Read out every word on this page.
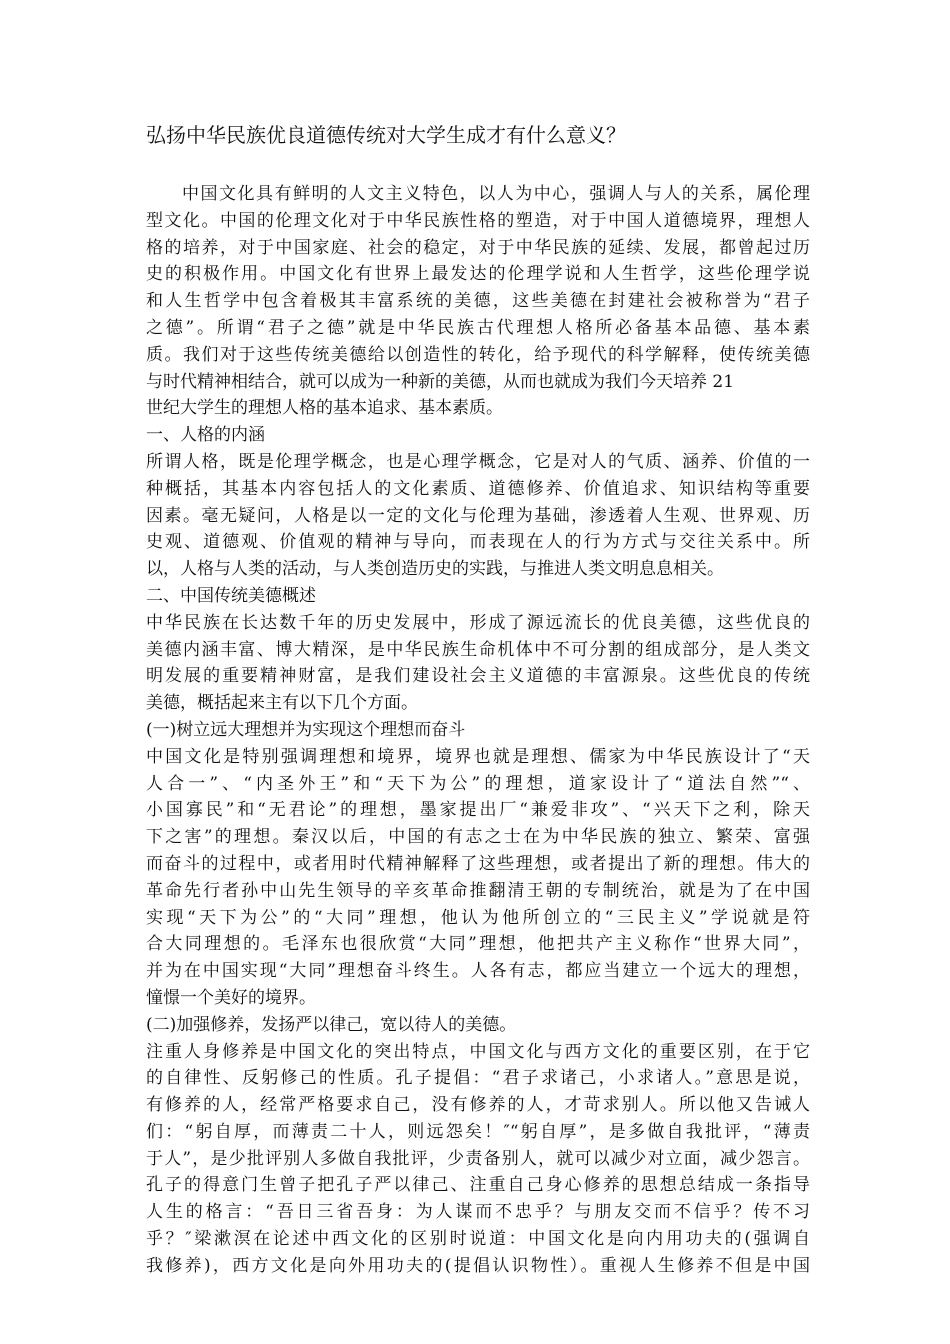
弘扬中华民族优良道德传统对大学生成才有什么意义？
中国文化具有鲜明的人文主义特色，以人为中心，强调人与人的关系，属伦理
型文化。中国的伦理文化对于中华民族性格的塑造，对于中国人道德境界，理想人
格的培养，对于中国家庭、社会的稳定，对于中华民族的延续、发展，都曾起过历
史的积极作用。中国文化有世界上最发达的伦理学说和人生哲学，这些伦理学说
和人生哲学中包含着极其丰富系统的美德，这些美德在封建社会被称誉为“君子
之德”。所谓“君子之德”就是中华民族古代理想人格所必备基本品德、基本素
质。我们对于这些传统美德给以创造性的转化，给予现代的科学解释，使传统美德
与时代精神相结合，就可以成为一种新的美德，从而也就成为我们今天培养 21
世纪大学生的理想人格的基本追求、基本素质。
一、人格的内涵
所谓人格，既是伦理学概念，也是心理学概念，它是对人的气质、涵养、价值的一
种概括，其基本内容包括人的文化素质、道德修养、价值追求、知识结构等重要
因素。毫无疑问，人格是以一定的文化与伦理为基础，渗透着人生观、世界观、历
史观、道德观、价值观的精神与导向，而表现在人的行为方式与交往关系中。所
以，人格与人类的活动，与人类创造历史的实践，与推进人类文明息息相关。
二、中国传统美德概述
中华民族在长达数千年的历史发展中，形成了源远流长的优良美德，这些优良的
美德内涵丰富、博大精深，是中华民族生命机体中不可分割的组成部分，是人类文
明发展的重要精神财富，是我们建设社会主义道德的丰富源泉。这些优良的传统
美德，概括起来主有以下几个方面。
(一)树立远大理想并为实现这个理想而奋斗
中国文化是特别强调理想和境界，境界也就是理想、儒家为中华民族设计了“天
人合一”、“内圣外王”和“天下为公”的理想，道家设计了“道法自然”“、
小国寡民”和“无君论”的理想，墨家提出厂“兼爱非攻”、“兴天下之利，除天
下之害”的理想。秦汉以后，中国的有志之士在为中华民族的独立、繁荣、富强
而奋斗的过程中，或者用时代精神解释了这些理想，或者提出了新的理想。伟大的
革命先行者孙中山先生领导的辛亥革命推翻清王朝的专制统治，就是为了在中国
实现“天下为公”的“大同”理想，他认为他所创立的“三民主义”学说就是符
合大同理想的。毛泽东也很欣赏“大同”理想，他把共产主义称作“世界大同”，
并为在中国实现“大同”理想奋斗终生。人各有志，都应当建立一个远大的理想，
憧憬一个美好的境界。
(二)加强修养，发扬严以律己，宽以待人的美德。
注重人身修养是中国文化的突出特点，中国文化与西方文化的重要区别，在于它
的自律性、反躬修己的性质。孔子提倡：“君子求诸己，小求诸人。”意思是说，
有修养的人，经常严格要求自己，没有修养的人，才苛求别人。所以他又告诫人
们：“躬自厚，而薄责二十人，则远怨矣！″“躬自厚”，是多做自我批评，“薄责
于人”，是少批评别人多做自我批评，少责备别人，就可以减少对立面，减少怨言。
孔子的得意门生曾子把孔子严以律己、注重自己身心修养的思想总结成一条指导
人生的格言：“吾日三省吾身：为人谋而不忠乎？与朋友交而不信乎？传不习
乎？″梁漱溟在论述中西文化的区别时说道：中国文化是向内用功夫的(强调自
我修养)，西方文化是向外用功夫的(提倡认识物性）。重视人生修养不但是中国
